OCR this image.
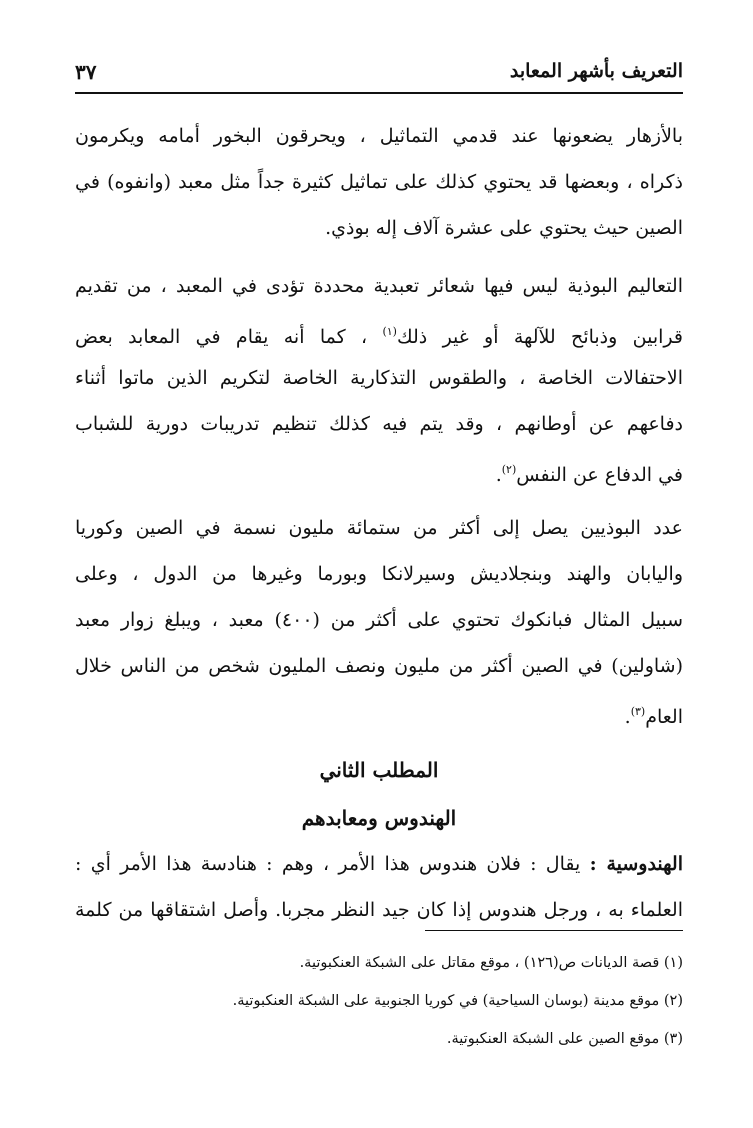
التعريف بأشهر المعابد
٣٧
بالأزهار يضعونها عند قدمي التماثيل ، ويحرقون البخور أمامه ويكرمون
ذكراه ، وبعضها قد يحتوي كذلك على تماثيل كثيرة جداً مثل معبد (وانفوه) في
الصين حيث يحتوي على عشرة آلاف إله بوذي.
التعاليم البوذية ليس فيها شعائر تعبدية محددة تؤدى في المعبد ، من تقديم
قرابين وذبائح للآلهة أو غير ذلك$^{(١)}$ ، كما أنه يقام في المعابد بعض
الاحتفالات الخاصة ، والطقوس التذكارية الخاصة لتكريم الذين ماتوا أثناء
دفاعهم عن أوطانهم ، وقد يتم فيه كذلك تنظيم تدريبات دورية للشباب
في الدفاع عن النفس$^{(٢)}$.
عدد البوذيين يصل إلى أكثر من ستمائة مليون نسمة في الصين وكوريا
واليابان والهند وبنجلاديش وسيرلانكا وبورما وغيرها من الدول ، وعلى
سبيل المثال فبانكوك تحتوي على أكثر من (٤٠٠) معبد ، ويبلغ زوار معبد
(شاولين) في الصين أكثر من مليون ونصف المليون شخص من الناس خلال
العام$^{(٣)}$.
المطلب الثاني
الهندوس ومعابدهم
الهندوسية : يقال : فلان هندوس هذا الأمر ، وهم : هنادسة هذا الأمر أي :
العلماء به ، ورجل هندوس إذا كان جيد النظر مجربا. وأصل اشتقاقها من كلمة
(١) قصة الديانات ص(١٢٦) ، موقع مقاتل على الشبكة العنكبوتية.
(٢) موقع مدينة (بوسان السياحية) في كوريا الجنوبية على الشبكة العنكبوتية.
(٣) موقع الصين على الشبكة العنكبوتية.
